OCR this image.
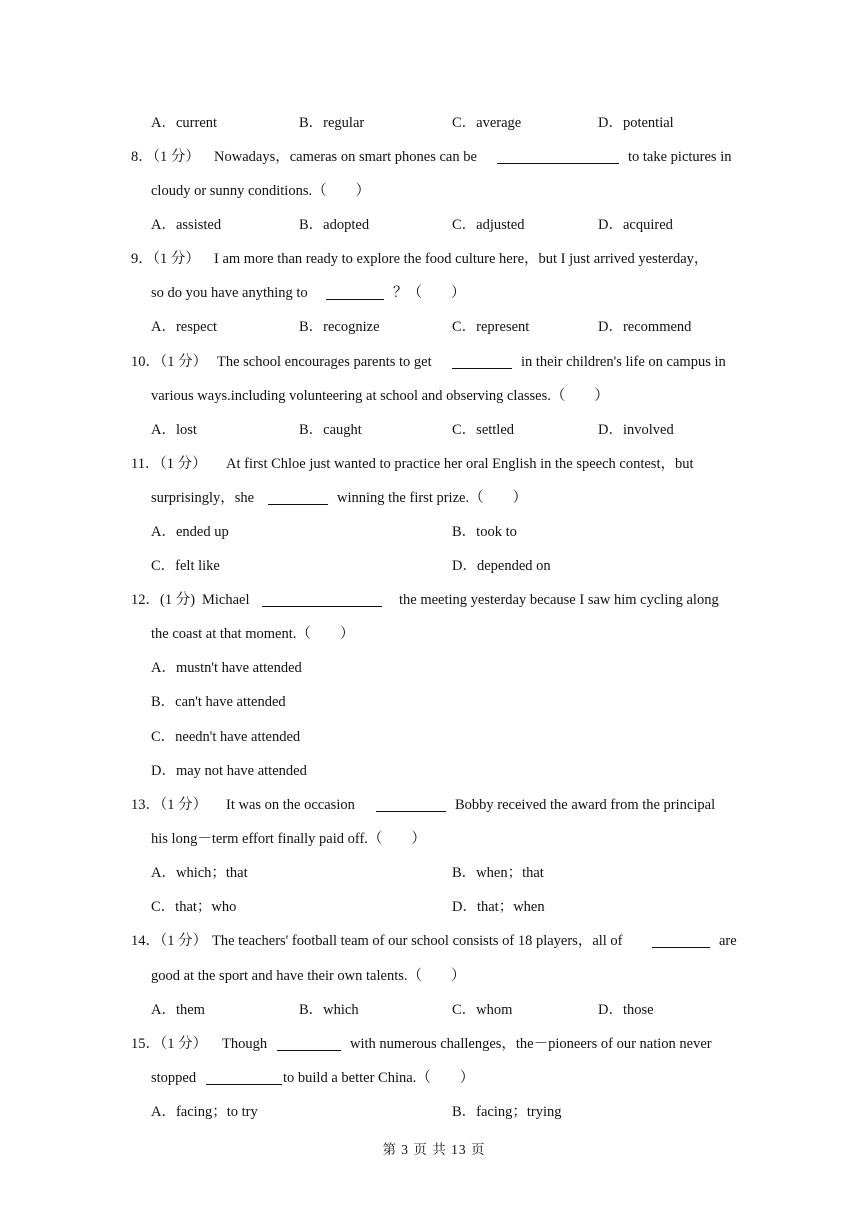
A．current	B．regular	C．average	D．potential
8．（1 分） Nowadays，cameras on smart phones can be	to take pictures in
cloudy or sunny conditions.（　　）
A．assisted	B．adopted	C．adjusted	D．acquired
9．（1 分） I am more than ready to explore the food culture here，but I just arrived yesterday，
so do you have anything to	？（　　）
A．respect	B．recognize	C．represent	D．recommend
10．（1 分） The school encourages parents to get	in their children's life on campus in
various ways.including volunteering at school and observing classes.（　　）
A．lost	B．caught	C．settled	D．involved
11．（1 分） At first Chloe just wanted to practice her oral English in the speech contest，but
surprisingly，she	winning the first prize.（　　）
A．ended up	B．took to
C．felt like	D．depended on
12．(1 分) Michael	the meeting yesterday because I saw him cycling along
the coast at that moment.（　　）
A．mustn't have attended
B．can't have attended
C．needn't have attended
D．may not have attended
13．（1 分） It was on the occasion	Bobby received the award from the principal
his long－term effort finally paid off.（　　）
A．which；that	B．when；that
C．that；who	D．that；when
14．（1 分） The teachers' football team of our school consists of 18 players，all of	are
good at the sport and have their own talents.（　　）
A．them	B．which	C．whom	D．those
15．（1 分） Though	with numerous challenges，the－pioneers of our nation never
stopped	to build a better China.（　　）
A．facing；to try	B．facing；trying
第 3 页 共 13 页
